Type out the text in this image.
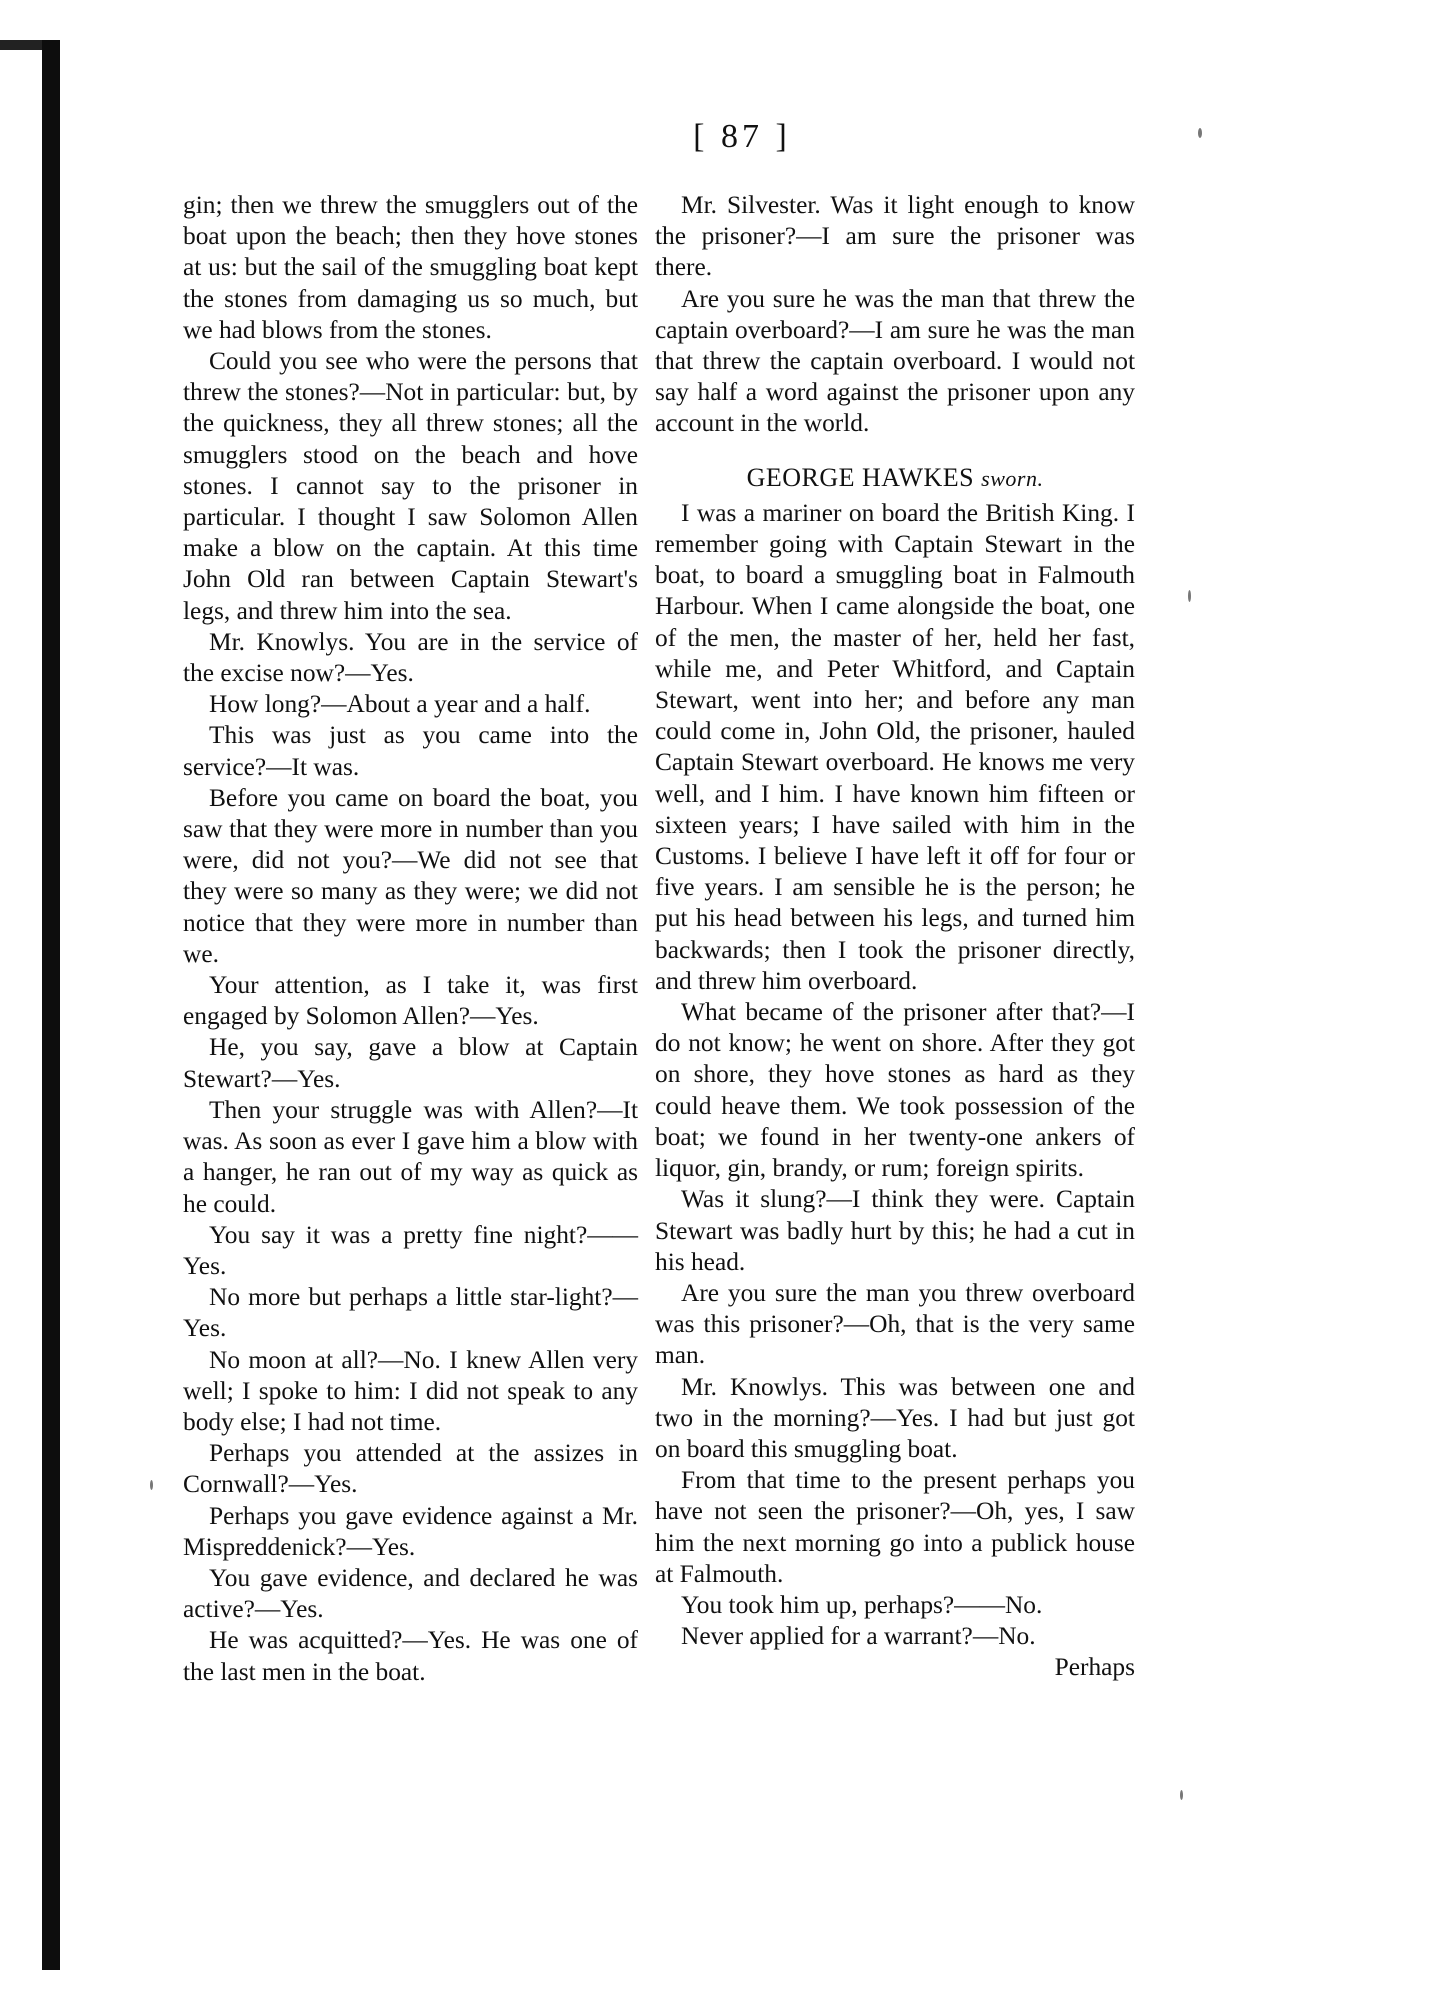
[ 87 ]

gin; then we threw the smugglers out of the boat upon the beach; then they hove stones at us: but the sail of the smuggling boat kept the stones from damaging us so much, but we had blows from the stones.

Could you see who were the persons that threw the stones?—Not in particular: but, by the quickness, they all threw stones; all the smugglers stood on the beach and hove stones. I cannot say to the prisoner in particular. I thought I saw Solomon Allen make a blow on the captain. At this time John Old ran between Captain Stewart's legs, and threw him into the sea.

Mr. Knowlys. You are in the service of the excise now?—Yes.

How long?—About a year and a half.

This was just as you came into the service?—It was.

Before you came on board the boat, you saw that they were more in number than you were, did not you?—We did not see that they were so many as they were; we did not notice that they were more in number than we.

Your attention, as I take it, was first engaged by Solomon Allen?—Yes.

He, you say, gave a blow at Captain Stewart?—Yes.

Then your struggle was with Allen?—It was. As soon as ever I gave him a blow with a hanger, he ran out of my way as quick as he could.

You say it was a pretty fine night?——Yes.

No more but perhaps a little star-light?—Yes.

No moon at all?—No. I knew Allen very well; I spoke to him: I did not speak to any body else; I had not time.

Perhaps you attended at the assizes in Cornwall?—Yes.

Perhaps you gave evidence against a Mr. Mispreddenick?—Yes.

You gave evidence, and declared he was active?—Yes.

He was acquitted?—Yes. He was one of the last men in the boat.

Mr. Silvester. Was it light enough to know the prisoner?—I am sure the prisoner was there.

Are you sure he was the man that threw the captain overboard?—I am sure he was the man that threw the captain overboard. I would not say half a word against the prisoner upon any account in the world.

GEORGE HAWKES sworn.

I was a mariner on board the British King. I remember going with Captain Stewart in the boat, to board a smuggling boat in Falmouth Harbour. When I came alongside the boat, one of the men, the master of her, held her fast, while me, and Peter Whitford, and Captain Stewart, went into her; and before any man could come in, John Old, the prisoner, hauled Captain Stewart overboard. He knows me very well, and I him. I have known him fifteen or sixteen years; I have sailed with him in the Customs. I believe I have left it off for four or five years. I am sensible he is the person; he put his head between his legs, and turned him backwards; then I took the prisoner directly, and threw him overboard.

What became of the prisoner after that?—I do not know; he went on shore. After they got on shore, they hove stones as hard as they could heave them. We took possession of the boat; we found in her twenty-one ankers of liquor, gin, brandy, or rum; foreign spirits.

Was it slung?—I think they were. Captain Stewart was badly hurt by this; he had a cut in his head.

Are you sure the man you threw overboard was this prisoner?—Oh, that is the very same man.

Mr. Knowlys. This was between one and two in the morning?—Yes. I had but just got on board this smuggling boat.

From that time to the present perhaps you have not seen the prisoner?—Oh, yes, I saw him the next morning go into a publick house at Falmouth.

You took him up, perhaps?——No.

Never applied for a warrant?—No.

Perhaps
